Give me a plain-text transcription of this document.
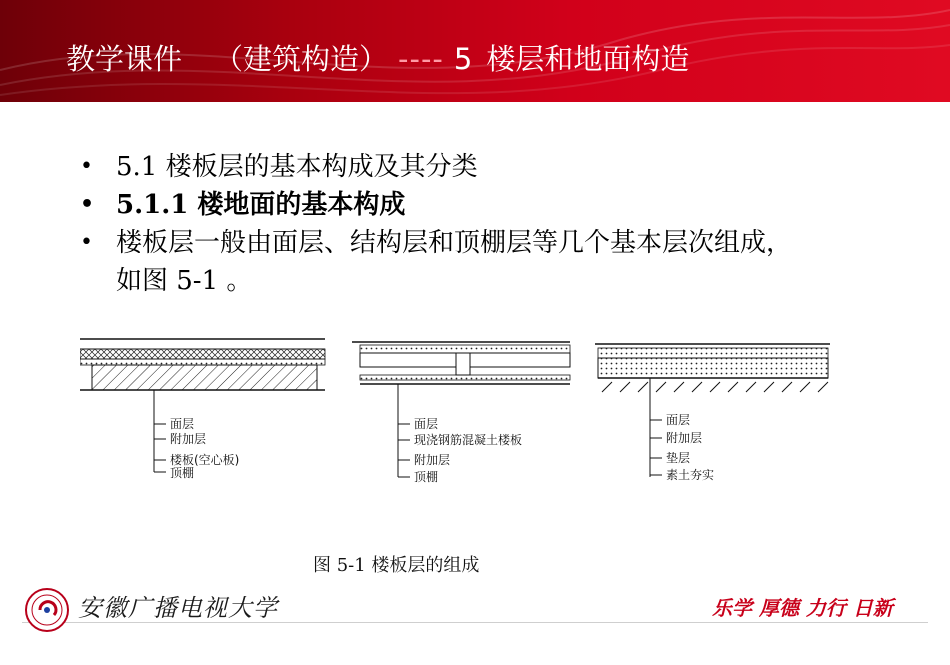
教学课件 （建筑构造） ---- 5 楼层和地面构造
• 5.1 楼板层的基本构成及其分类
• 5.1.1 楼地面的基本构成
• 楼板层一般由面层、结构层和顶棚层等几个基本层次组成，如图 5-1 。
面层
附加层
楼板(空心板)
顶棚
面层
现浇钢筋混凝土楼板
附加层
顶棚
面层
附加层
垫层
素土夯实
图 5-1 楼板层的组成
安徽广播电视大学	乐学 厚德 力行 日新
